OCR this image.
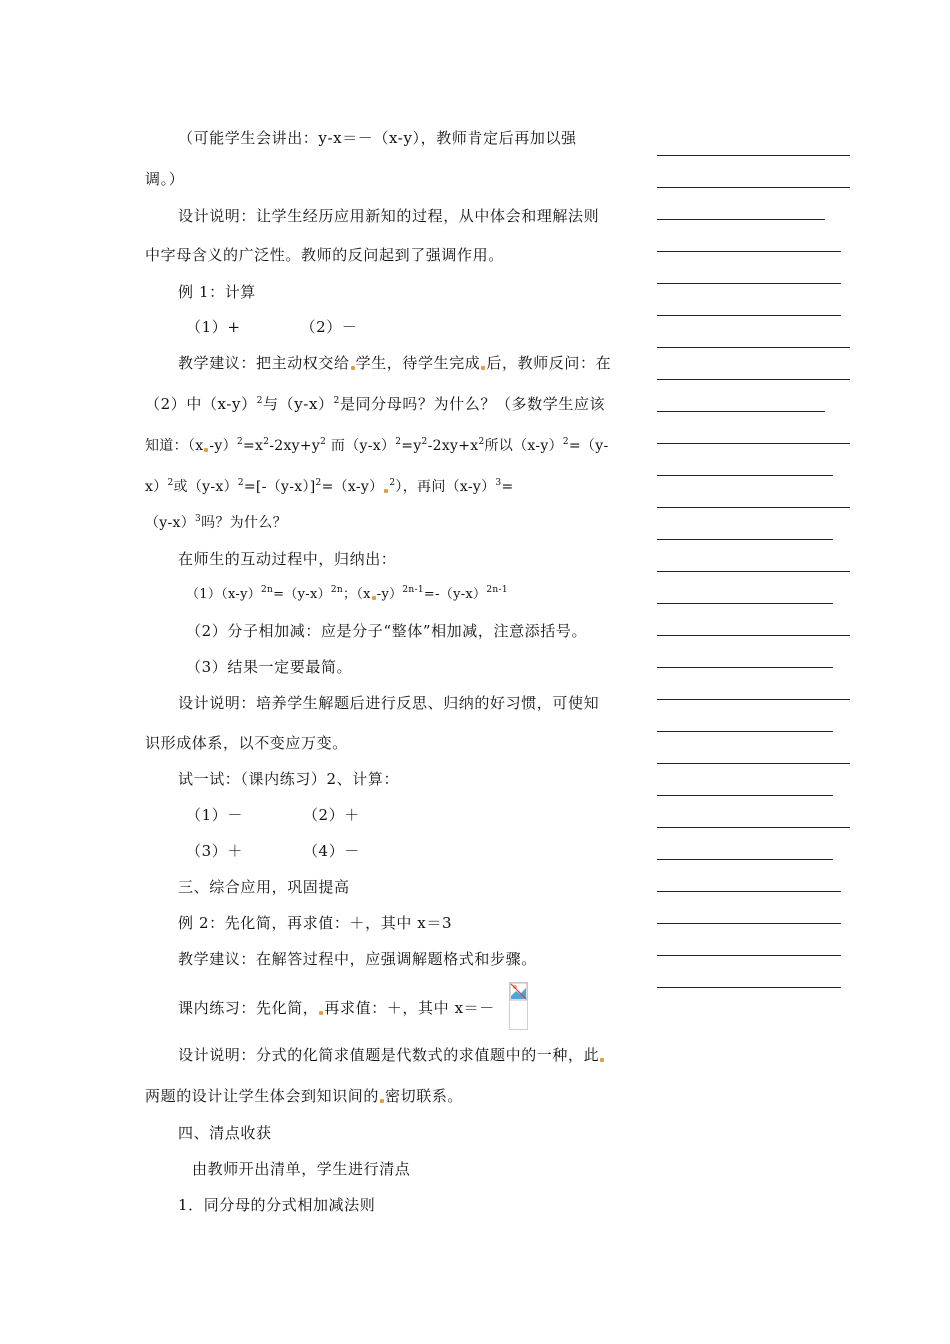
（可能学生会讲出：y-x＝－（x-y），教师肯定后再加以强
调。）
设计说明：让学生经历应用新知的过程，从中体会和理解法则
中字母含义的广泛性。教师的反问起到了强调作用。
例 1：计算
（1）+	（2）－
教学建议：把主动权交给 学生，待学生完成 后，教师反问：在
（2）中$(x-y)^2$与$(y-x)^2$是同分母吗？为什么？（多数学生应该
知道：（x $-y)^2=x^2-2xy+y^2$ 而$(y-x)^2=y^2-2xy+x^2$所以$(x-y)^2=(y-$
x）$^2$或$(y-x)^2=[-(y-x)]^2=(x-y)$ $^2$），再问$(x-y)^3=$
$(y-x)^3$吗？为什么？
在师生的互动过程中，归纳出：
$(1)(x-y)^{2n}=(y-x)^{2n}$；（x $-y)^{2n-1}=-(y-x)^{2n-1}$
（2）分子相加减：应是分子“整体”相加减，注意添括号。
（3）结果一定要最简。
设计说明：培养学生解题后进行反思、归纳的好习惯，可使知
识形成体系，以不变应万变。
试一试：（课内练习）2、计算：
（1）－	（2）＋
（3）＋	（4）－
三、综合应用，巩固提高
例 2：先化简，再求值：＋，其中 x＝3
教学建议：在解答过程中，应强调解题格式和步骤。
课内练习：先化简， 再求值：＋，其中 x＝－
设计说明：分式的化简求值题是代数式的求值题中的一种，此
两题的设计让学生体会到知识间的 密切联系。
四、清点收获
由教师开出清单，学生进行清点
1．同分母的分式相加减法则
